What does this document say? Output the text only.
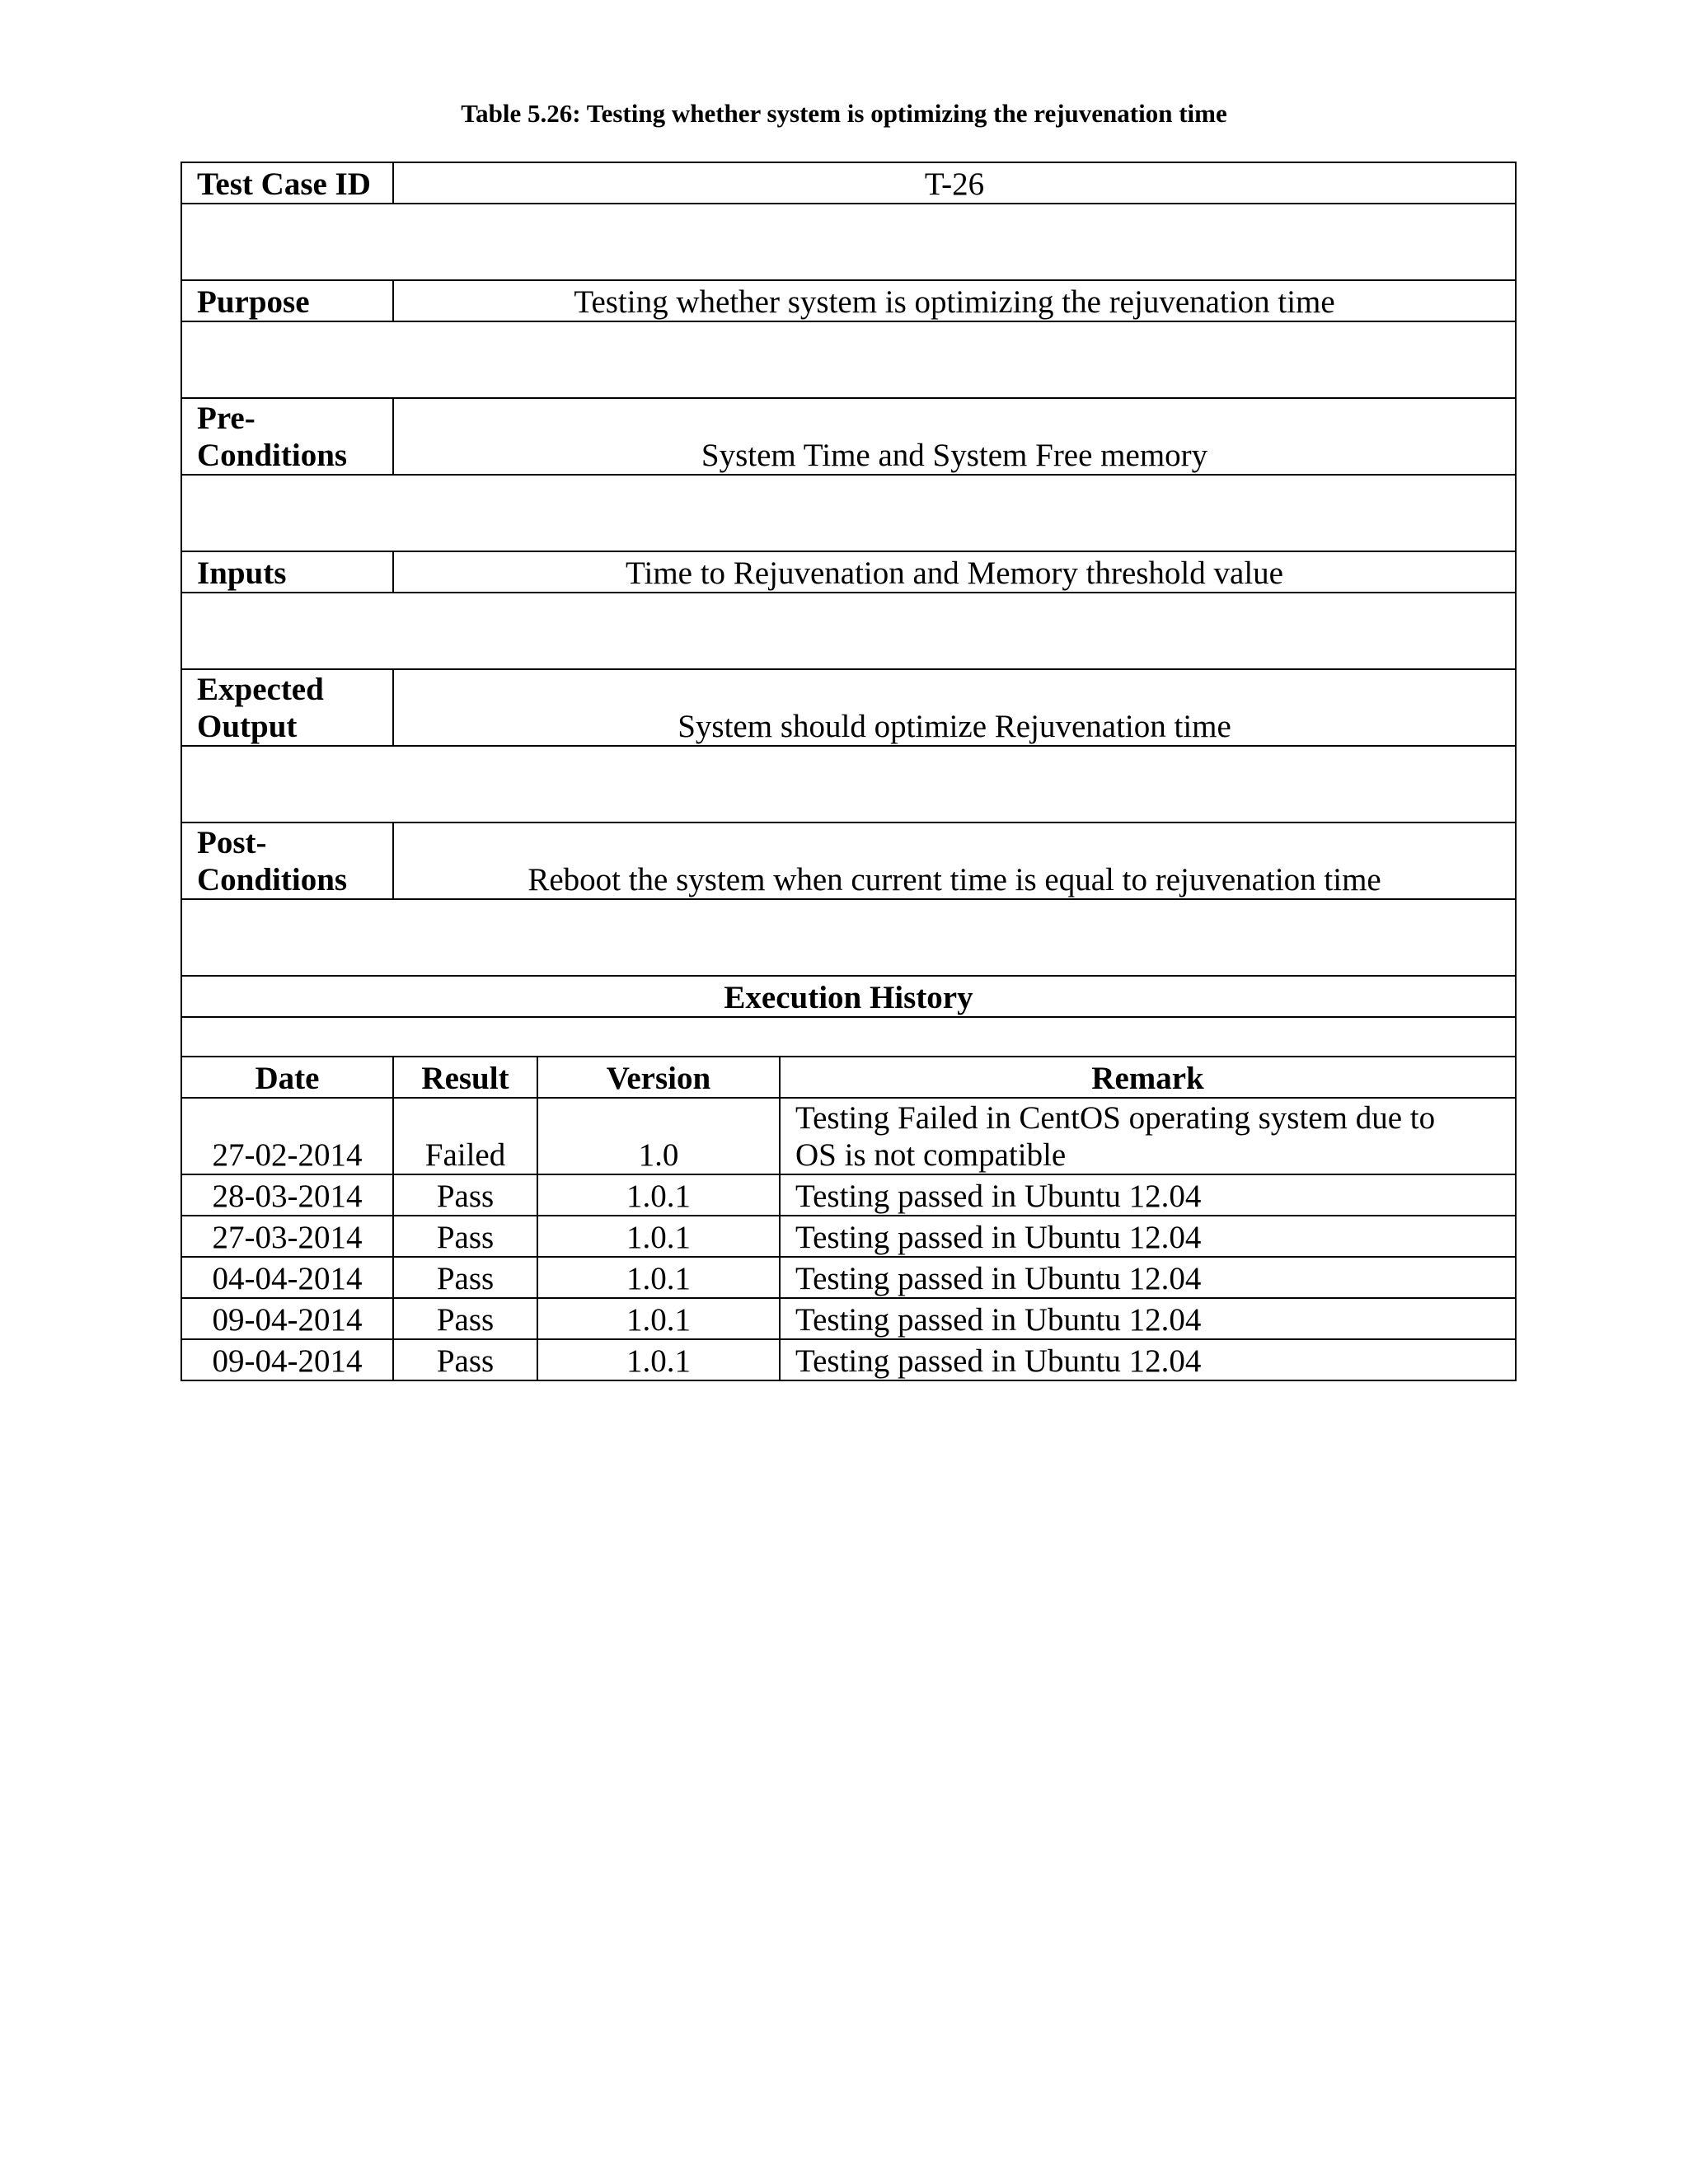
Table 5.26: Testing whether system is optimizing the rejuvenation time
Test Case ID	T-26		

Purpose	Testing whether system is optimizing the rejuvenation time		

Pre-
Conditions	System Time and System Free memory		

Inputs	Time to Rejuvenation and Memory threshold value		

Expected
Output	System should optimize Rejuvenation time		

Post-
Conditions	Reboot the system when current time is equal to rejuvenation time		

Execution History			

Date	Result	Version	Remark
27-02-2014	Failed	1.0	Testing Failed in CentOS operating system due to
OS is not compatible
28-03-2014	Pass	1.0.1	Testing passed in Ubuntu 12.04
27-03-2014	Pass	1.0.1	Testing passed in Ubuntu 12.04
04-04-2014	Pass	1.0.1	Testing passed in Ubuntu 12.04
09-04-2014	Pass	1.0.1	Testing passed in Ubuntu 12.04
09-04-2014	Pass	1.0.1	Testing passed in Ubuntu 12.04
